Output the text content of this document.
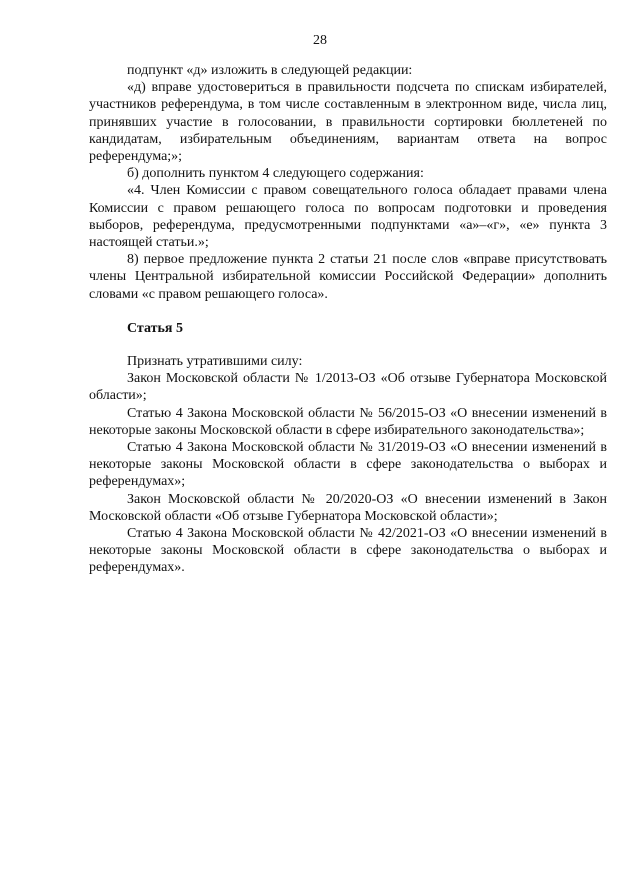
28

подпункт «д» изложить в следующей редакции:

«д) вправе удостовериться в правильности подсчета по спискам избирателей, участников референдума, в том числе составленным в электронном виде, числа лиц, принявших участие в голосовании, в правильности сортировки бюллетеней по кандидатам, избирательным объединениям, вариантам ответа на вопрос референдума;»;

б) дополнить пунктом 4 следующего содержания:

«4. Член Комиссии с правом совещательного голоса обладает правами члена Комиссии с правом решающего голоса по вопросам подготовки и проведения выборов, референдума, предусмотренными подпунктами «а»–«г», «е» пункта 3 настоящей статьи.»;

8) первое предложение пункта 2 статьи 21 после слов «вправе присутствовать члены Центральной избирательной комиссии Российской Федерации» дополнить словами «с правом решающего голоса».

Статья 5

Признать утратившими силу:

Закон Московской области № 1/2013-ОЗ «Об отзыве Губернатора Московской области»;

Статью 4 Закона Московской области № 56/2015-ОЗ «О внесении изменений в некоторые законы Московской области в сфере избирательного законодательства»;

Статью 4 Закона Московской области № 31/2019-ОЗ «О внесении изменений в некоторые законы Московской области в сфере законодательства о выборах и референдумах»;

Закон Московской области № 20/2020-ОЗ «О внесении изменений в Закон Московской области «Об отзыве Губернатора Московской области»;

Статью 4 Закона Московской области № 42/2021-ОЗ «О внесении изменений в некоторые законы Московской области в сфере законодательства о выборах и референдумах».
